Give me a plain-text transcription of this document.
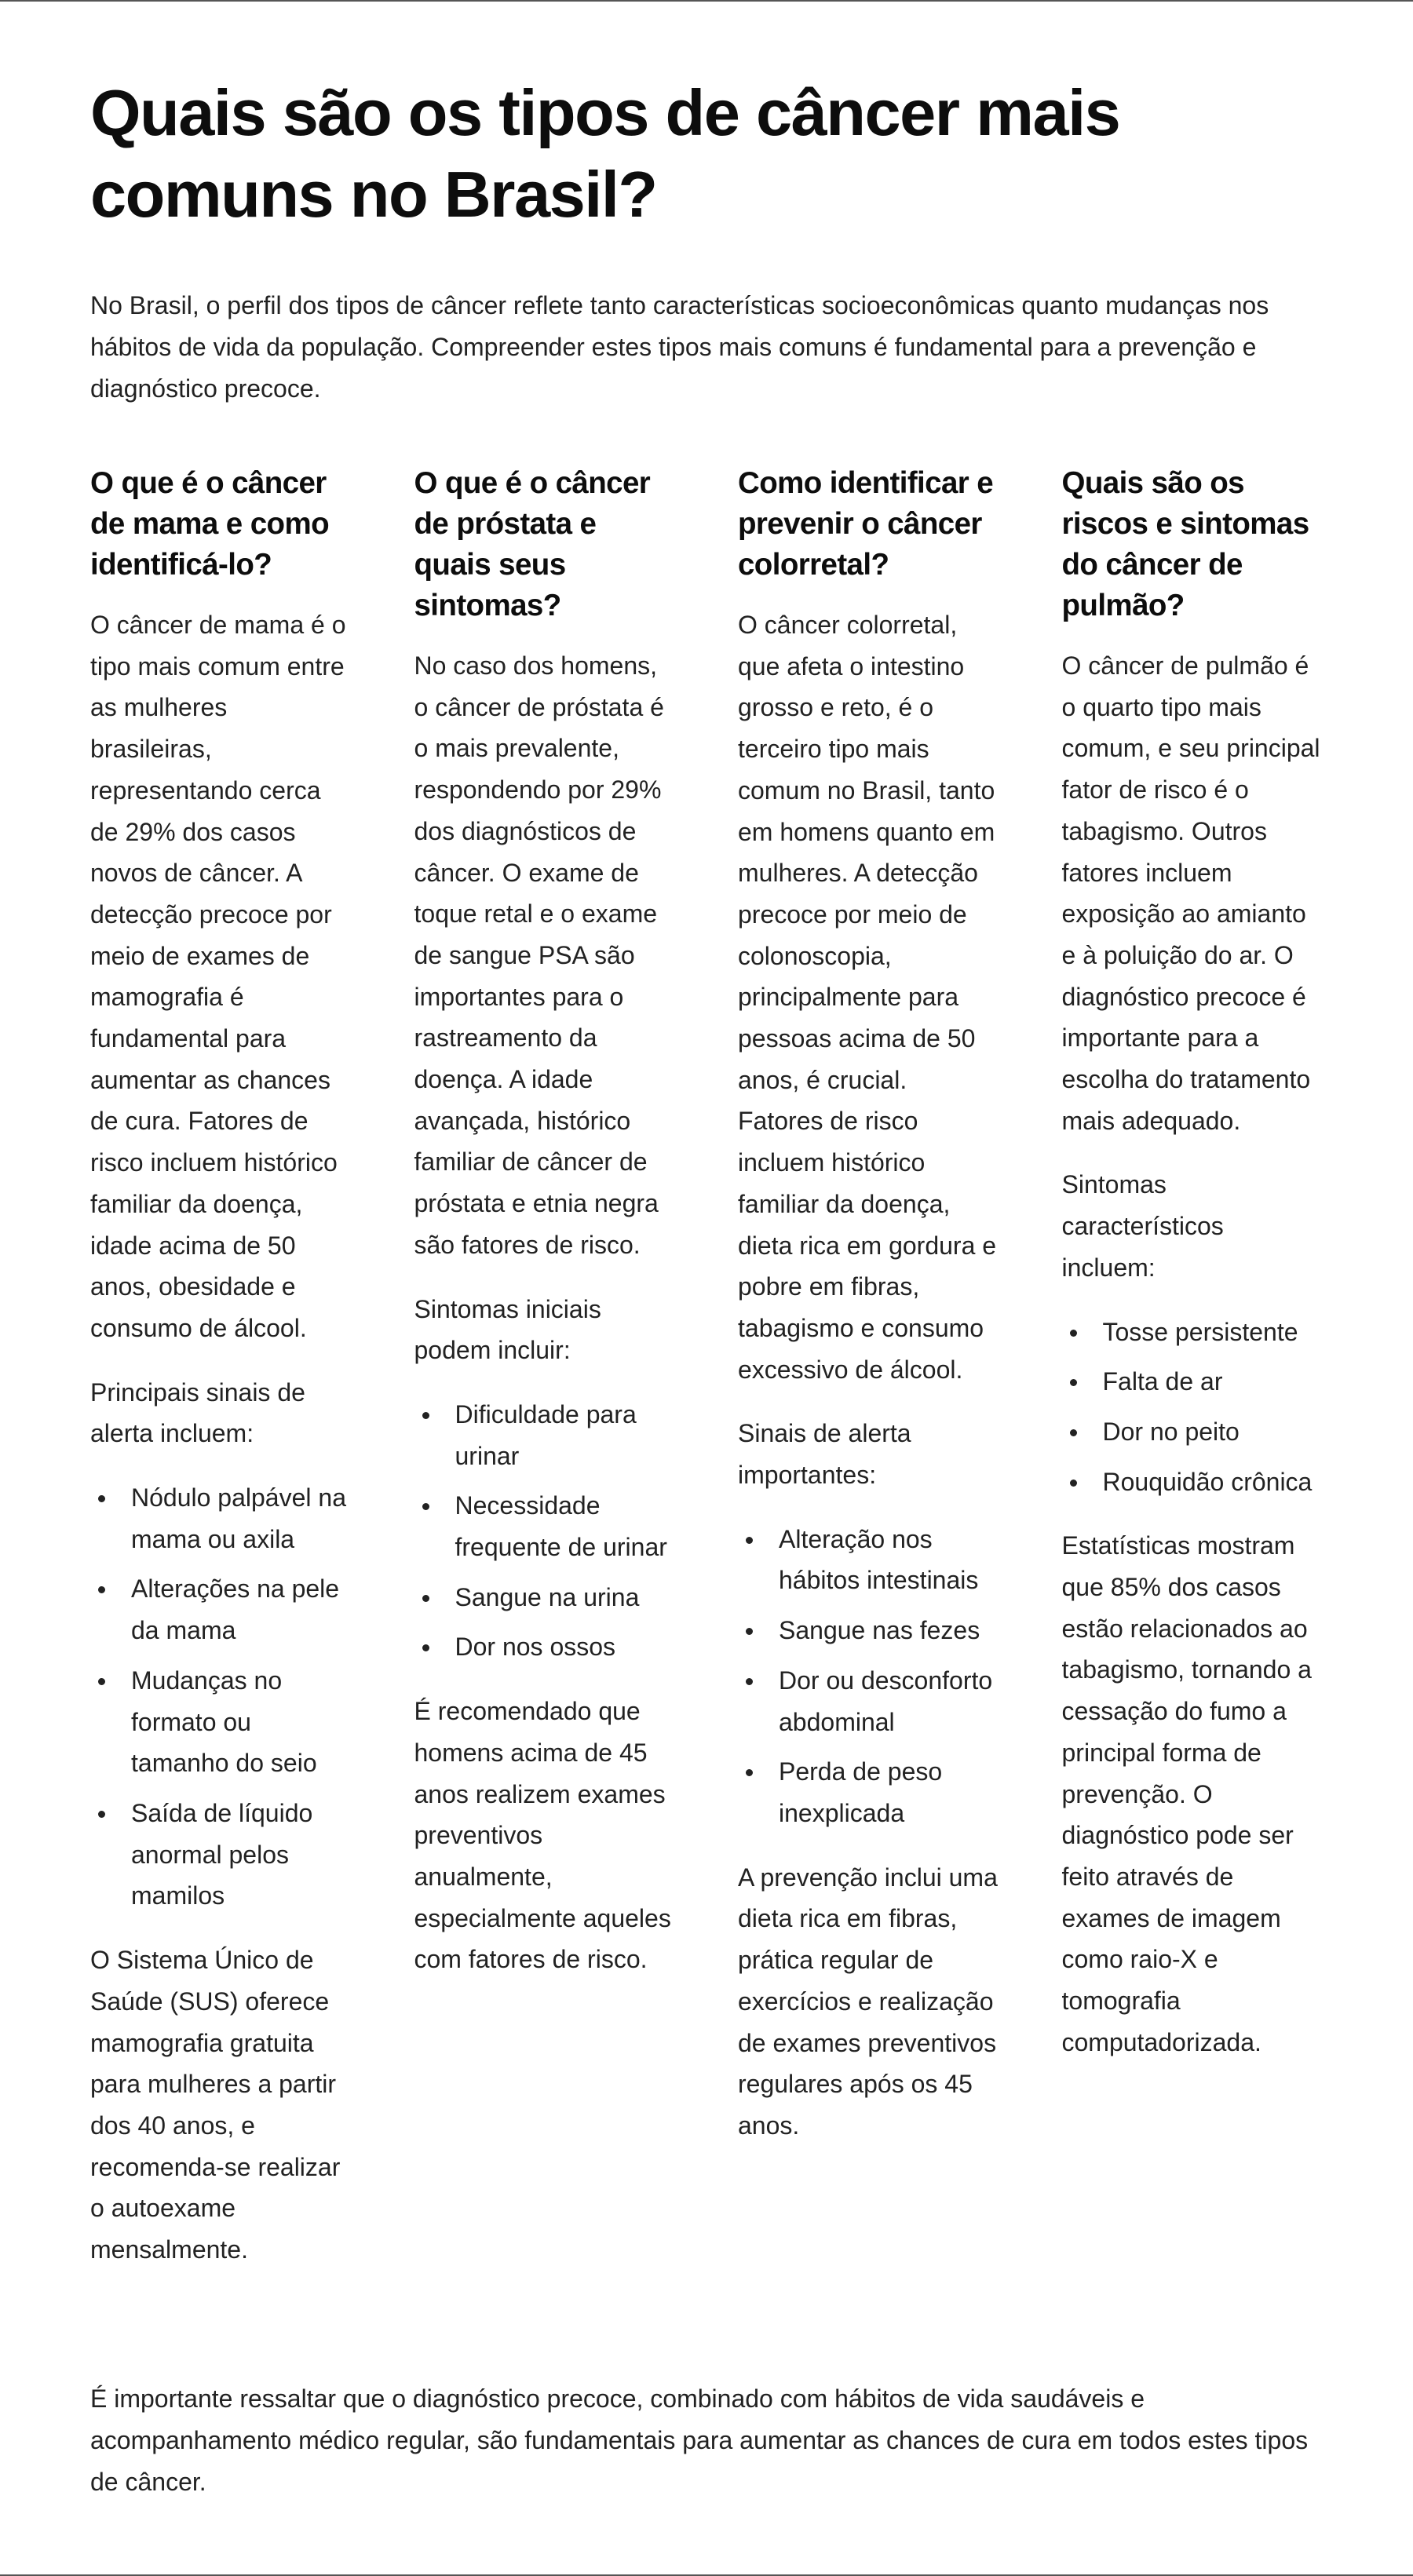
Quais são os tipos de câncer mais comuns no Brasil?

No Brasil, o perfil dos tipos de câncer reflete tanto características socioeconômicas quanto mudanças nos hábitos de vida da população. Compreender estes tipos mais comuns é fundamental para a prevenção e diagnóstico precoce.

O que é o câncer de mama e como identificá-lo?

O câncer de mama é o tipo mais comum entre as mulheres brasileiras, representando cerca de 29% dos casos novos de câncer. A detecção precoce por meio de exames de mamografia é fundamental para aumentar as chances de cura. Fatores de risco incluem histórico familiar da doença, idade acima de 50 anos, obesidade e consumo de álcool.

Principais sinais de alerta incluem:

Nódulo palpável na mama ou axila
Alterações na pele da mama
Mudanças no formato ou tamanho do seio
Saída de líquido anormal pelos mamilos

O Sistema Único de Saúde (SUS) oferece mamografia gratuita para mulheres a partir dos 40 anos, e recomenda-se realizar o autoexame mensalmente.

O que é o câncer de próstata e quais seus sintomas?

No caso dos homens, o câncer de próstata é o mais prevalente, respondendo por 29% dos diagnósticos de câncer. O exame de toque retal e o exame de sangue PSA são importantes para o rastreamento da doença. A idade avançada, histórico familiar de câncer de próstata e etnia negra são fatores de risco.

Sintomas iniciais podem incluir:

Dificuldade para urinar
Necessidade frequente de urinar
Sangue na urina
Dor nos ossos

É recomendado que homens acima de 45 anos realizem exames preventivos anualmente, especialmente aqueles com fatores de risco.

Como identificar e prevenir o câncer colorretal?

O câncer colorretal, que afeta o intestino grosso e reto, é o terceiro tipo mais comum no Brasil, tanto em homens quanto em mulheres. A detecção precoce por meio de colonoscopia, principalmente para pessoas acima de 50 anos, é crucial. Fatores de risco incluem histórico familiar da doença, dieta rica em gordura e pobre em fibras, tabagismo e consumo excessivo de álcool.

Sinais de alerta importantes:

Alteração nos hábitos intestinais
Sangue nas fezes
Dor ou desconforto abdominal
Perda de peso inexplicada

A prevenção inclui uma dieta rica em fibras, prática regular de exercícios e realização de exames preventivos regulares após os 45 anos.

Quais são os riscos e sintomas do câncer de pulmão?

O câncer de pulmão é o quarto tipo mais comum, e seu principal fator de risco é o tabagismo. Outros fatores incluem exposição ao amianto e à poluição do ar. O diagnóstico precoce é importante para a escolha do tratamento mais adequado.

Sintomas característicos incluem:

Tosse persistente
Falta de ar
Dor no peito
Rouquidão crônica

Estatísticas mostram que 85% dos casos estão relacionados ao tabagismo, tornando a cessação do fumo a principal forma de prevenção. O diagnóstico pode ser feito através de exames de imagem como raio-X e tomografia computadorizada.

É importante ressaltar que o diagnóstico precoce, combinado com hábitos de vida saudáveis e acompanhamento médico regular, são fundamentais para aumentar as chances de cura em todos estes tipos de câncer.
